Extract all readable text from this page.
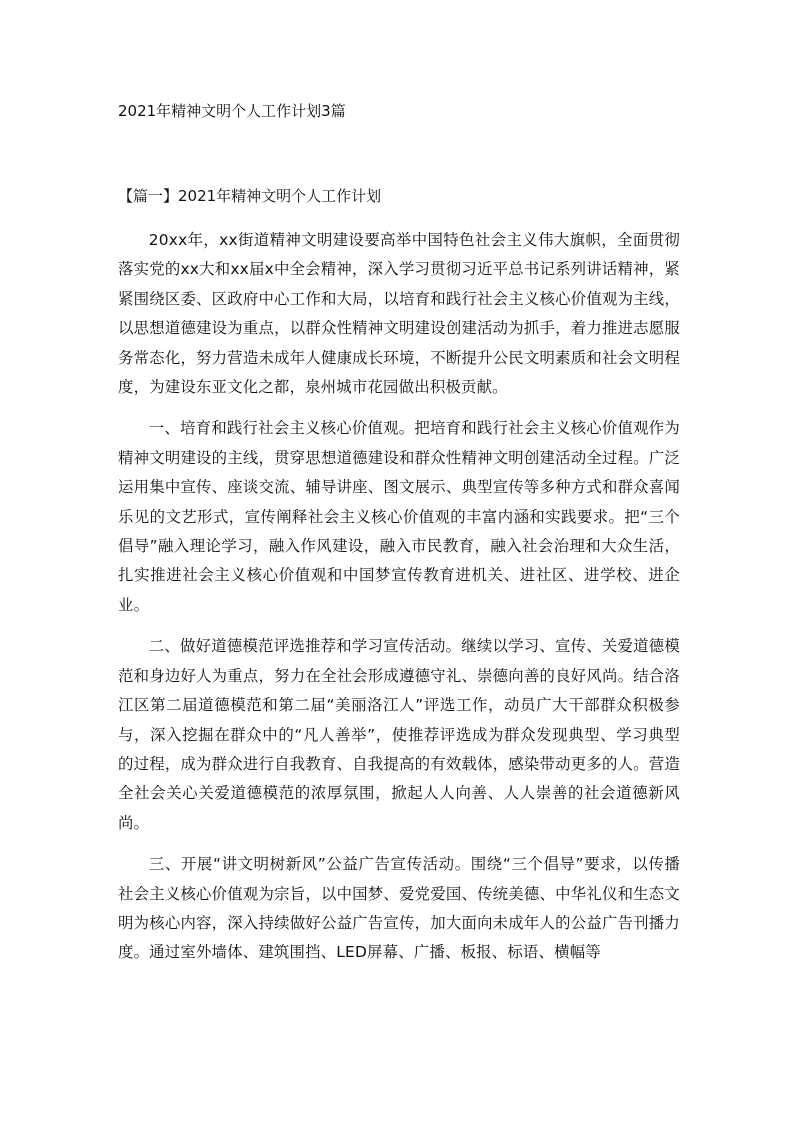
2021年精神文明个人工作计划3篇
【篇一】2021年精神文明个人工作计划

20xx年，xx街道精神文明建设要高举中国特色社会主义伟大旗帜，全面贯彻落实党的xx大和xx届x中全会精神，深入学习贯彻习近平总书记系列讲话精神，紧紧围绕区委、区政府中心工作和大局，以培育和践行社会主义核心价值观为主线，以思想道德建设为重点，以群众性精神文明建设创建活动为抓手，着力推进志愿服务常态化，努力营造未成年人健康成长环境，不断提升公民文明素质和社会文明程度，为建设东亚文化之都，泉州城市花园做出积极贡献。

一、培育和践行社会主义核心价值观。把培育和践行社会主义核心价值观作为精神文明建设的主线，贯穿思想道德建设和群众性精神文明创建活动全过程。广泛运用集中宣传、座谈交流、辅导讲座、图文展示、典型宣传等多种方式和群众喜闻乐见的文艺形式，宣传阐释社会主义核心价值观的丰富内涵和实践要求。把“三个倡导”融入理论学习，融入作风建设，融入市民教育，融入社会治理和大众生活，扎实推进社会主义核心价值观和中国梦宣传教育进机关、进社区、进学校、进企业。

二、做好道德模范评选推荐和学习宣传活动。继续以学习、宣传、关爱道德模范和身边好人为重点，努力在全社会形成遵德守礼、崇德向善的良好风尚。结合洛江区第二届道德模范和第二届“美丽洛江人”评选工作，动员广大干部群众积极参与，深入挖掘在群众中的“凡人善举”，使推荐评选成为群众发现典型、学习典型的过程，成为群众进行自我教育、自我提高的有效载体，感染带动更多的人。营造全社会关心关爱道德模范的浓厚氛围，掀起人人向善、人人崇善的社会道德新风尚。

三、开展“讲文明树新风”公益广告宣传活动。围绕“三个倡导”要求，以传播社会主义核心价值观为宗旨，以中国梦、爱党爱国、传统美德、中华礼仪和生态文明为核心内容，深入持续做好公益广告宣传，加大面向未成年人的公益广告刊播力度。通过室外墙体、建筑围挡、LED屏幕、广播、板报、标语、横幅等
